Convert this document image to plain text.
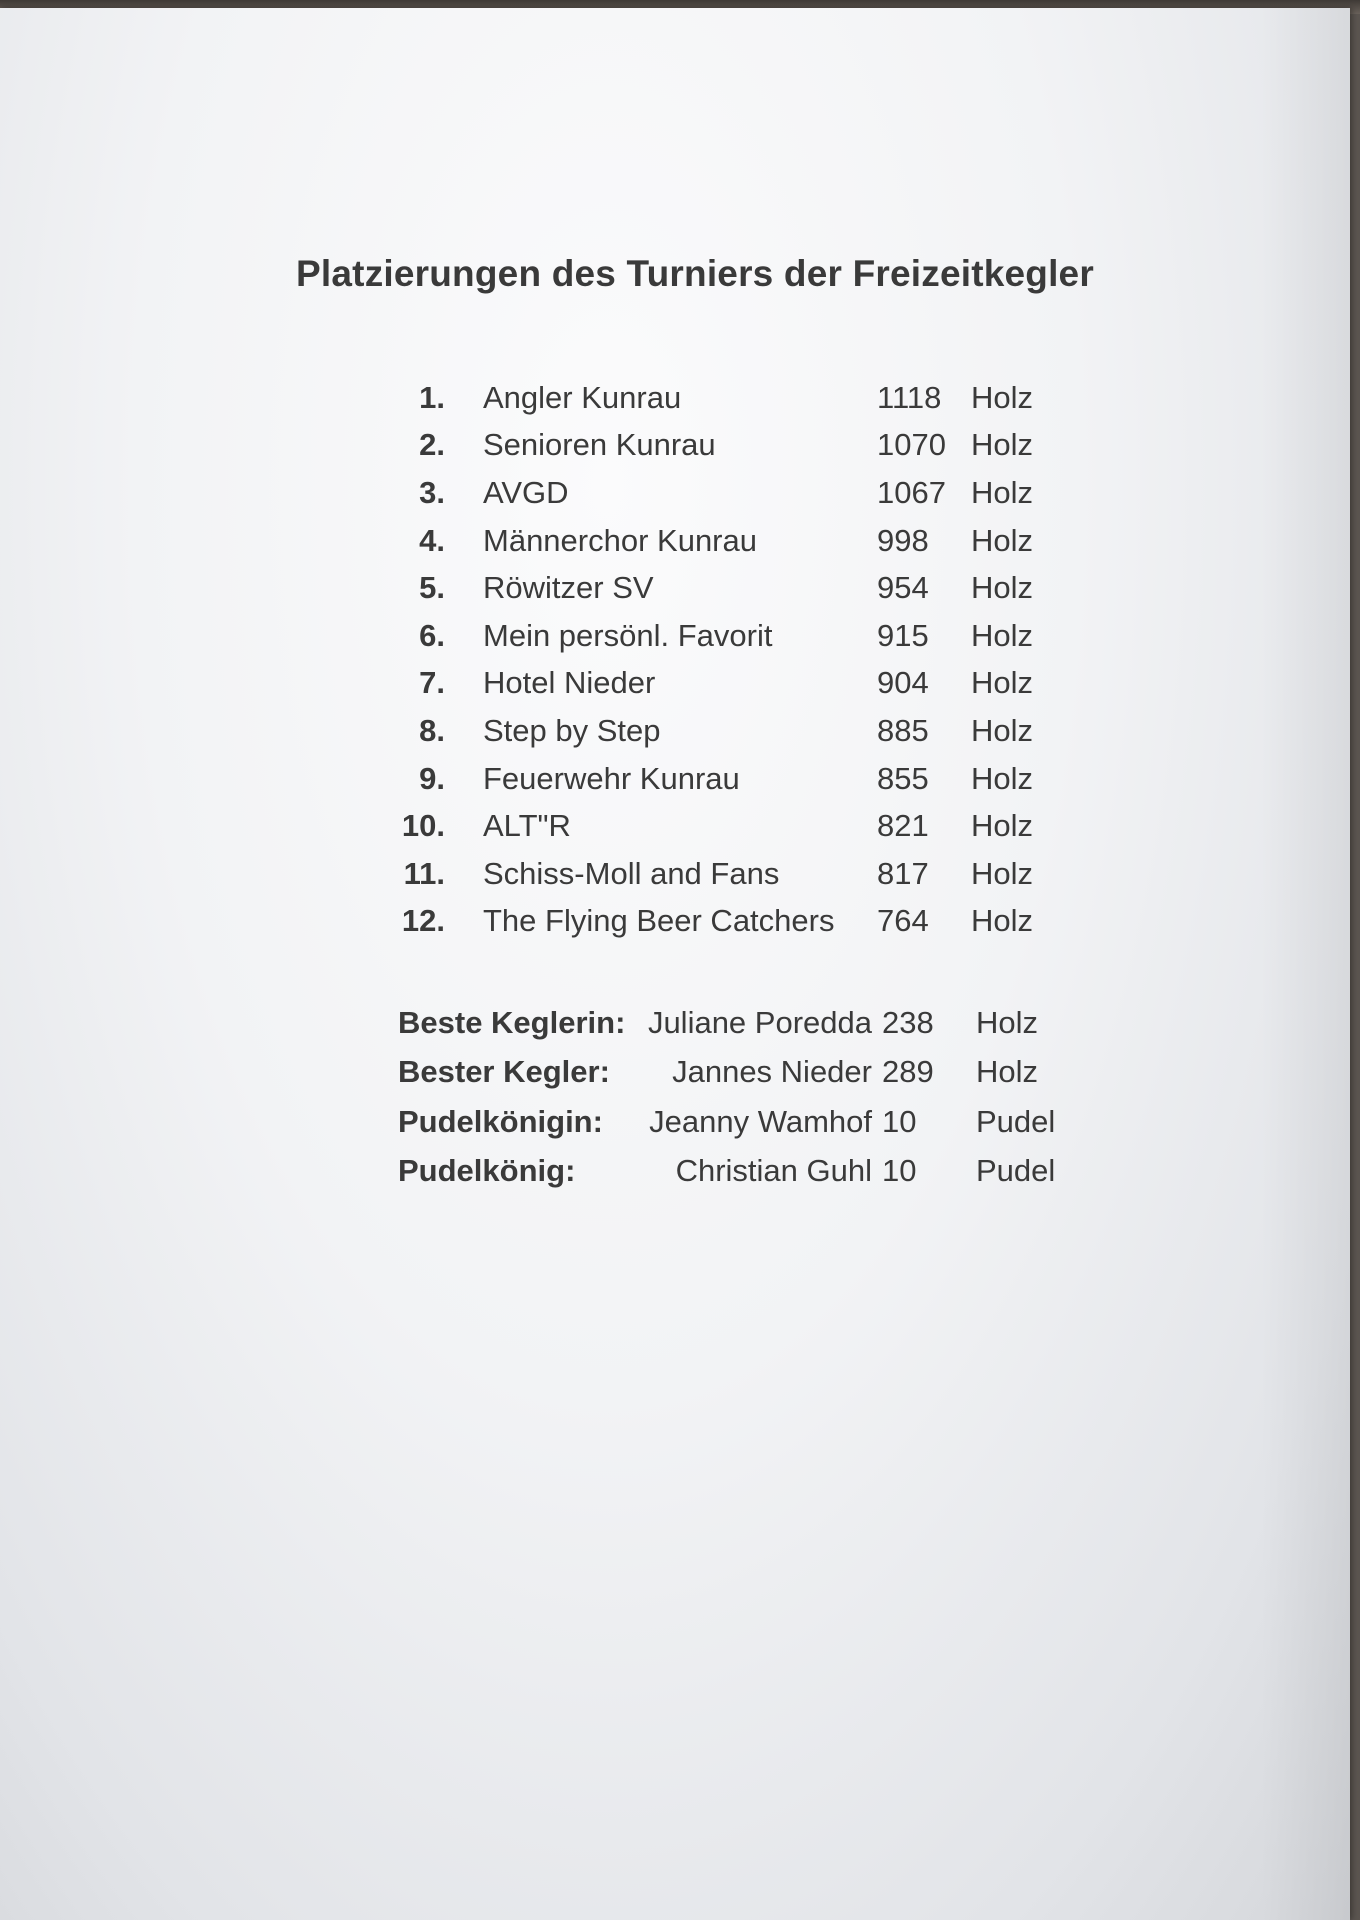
Platzierungen des Turniers der Freizeitkegler
1.	Angler Kunrau	1118	Holz
2.	Senioren Kunrau	1070	Holz
3.	AVGD	1067	Holz
4.	Männerchor Kunrau	998	Holz
5.	Röwitzer SV	954	Holz
6.	Mein persönl. Favorit	915	Holz
7.	Hotel Nieder	904	Holz
8.	Step by Step	885	Holz
9.	Feuerwehr Kunrau	855	Holz
10.	ALT"R	821	Holz
11.	Schiss-Moll and Fans	817	Holz
12.	The Flying Beer Catchers	764	Holz
Beste Keglerin:	Juliane Poredda	238	Holz
Bester Kegler:	Jannes Nieder	289	Holz
Pudelkönigin:	Jeanny Wamhof	10	Pudel
Pudelkönig:	Christian Guhl	10	Pudel
